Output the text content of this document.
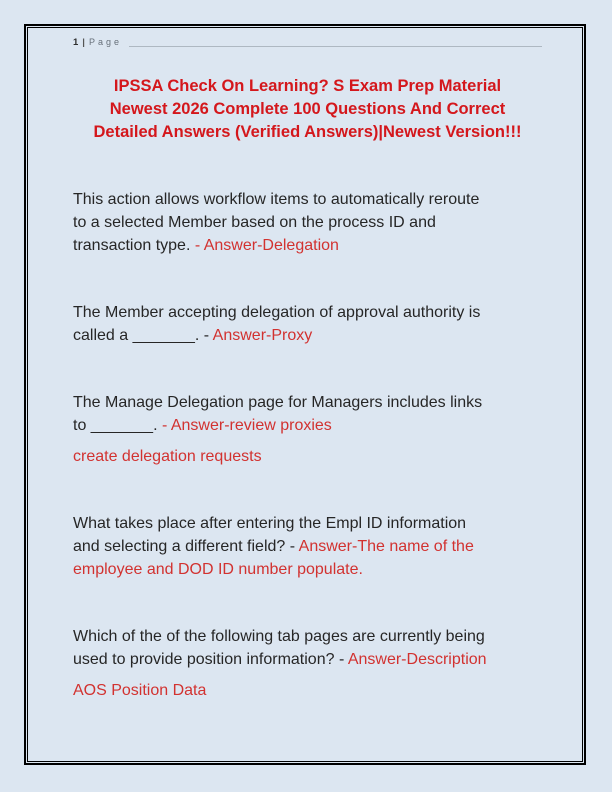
1 | Page
IPSSA Check On Learning? S Exam Prep Material
Newest 2026 Complete 100 Questions And Correct
Detailed Answers (Verified Answers)|Newest Version!!!

This action allows workflow items to automatically reroute
to a selected Member based on the process ID and
transaction type. - Answer-Delegation

The Member accepting delegation of approval authority is
called a _______. - Answer-Proxy

The Manage Delegation page for Managers includes links
to _______. - Answer-review proxies

create delegation requests

What takes place after entering the Empl ID information
and selecting a different field? - Answer-The name of the
employee and DOD ID number populate.

Which of the of the following tab pages are currently being
used to provide position information? - Answer-Description

AOS Position Data
